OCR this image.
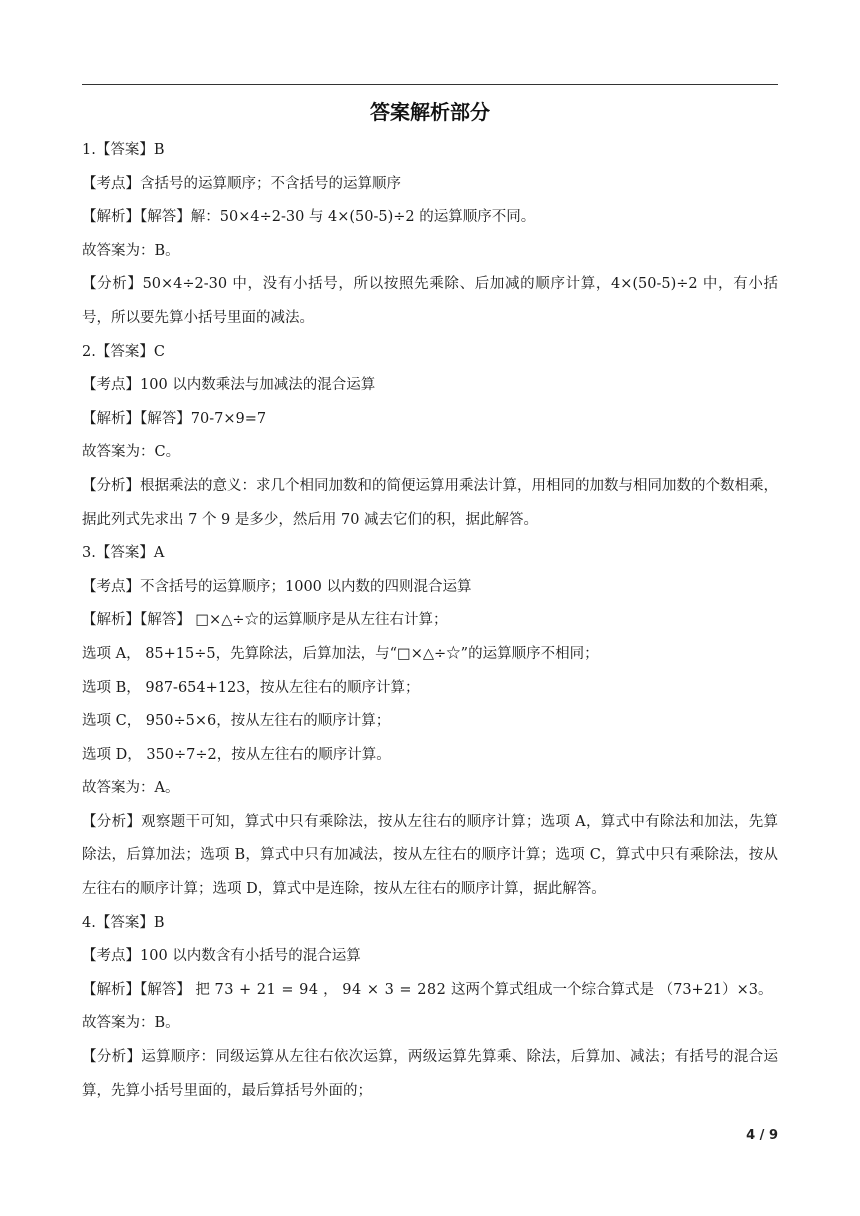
答案解析部分
1.【答案】B
【考点】含括号的运算顺序；不含括号的运算顺序
【解析】【解答】解：50×4÷2-30 与 4×(50-5)÷2 的运算顺序不同。
故答案为：B。
【分析】50×4÷2-30 中，没有小括号，所以按照先乘除、后加减的顺序计算，4×(50-5)÷2 中，有小括号，所以要先算小括号里面的减法。
2.【答案】C
【考点】100 以内数乘法与加减法的混合运算
【解析】【解答】70-7×9=7
故答案为：C。
【分析】根据乘法的意义：求几个相同加数和的简便运算用乘法计算，用相同的加数与相同加数的个数相乘，据此列式先求出 7 个 9 是多少，然后用 70 减去它们的积，据此解答。
3.【答案】A
【考点】不含括号的运算顺序；1000 以内数的四则混合运算
【解析】【解答】 □×△÷☆的运算顺序是从左往右计算；
选项 A， 85+15÷5，先算除法，后算加法，与“□×△÷☆”的运算顺序不相同；
选项 B， 987-654+123，按从左往右的顺序计算；
选项 C， 950÷5×6，按从左往右的顺序计算；
选项 D， 350÷7÷2，按从左往右的顺序计算。
故答案为：A。
【分析】观察题干可知，算式中只有乘除法，按从左往右的顺序计算；选项 A，算式中有除法和加法，先算除法，后算加法；选项 B，算式中只有加减法，按从左往右的顺序计算；选项 C，算式中只有乘除法，按从左往右的顺序计算；选项 D，算式中是连除，按从左往右的顺序计算，据此解答。
4.【答案】B
【考点】100 以内数含有小括号的混合运算
【解析】【解答】 把 73 + 21 = 94 ， 94 × 3 = 282 这两个算式组成一个综合算式是 （73+21）×3。
故答案为：B。
【分析】运算顺序：同级运算从左往右依次运算，两级运算先算乘、除法，后算加、减法；有括号的混合运算，先算小括号里面的，最后算括号外面的；
4 / 9
